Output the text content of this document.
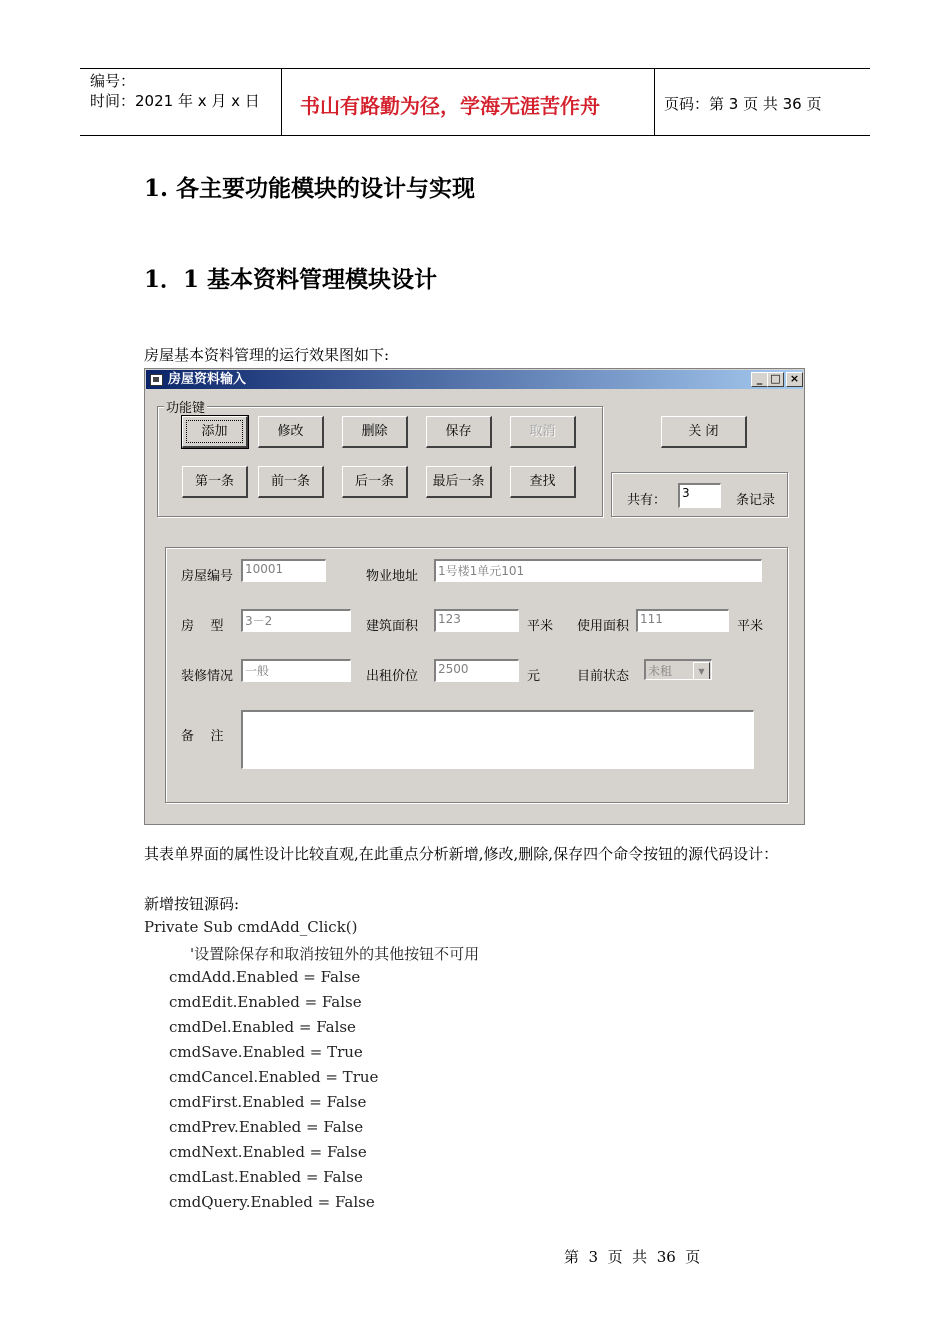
编号：
时间：2021 年 x 月 x 日 书山有路勤为径，学海无涯苦作舟	页码：第 3 页 共 36 页
1. 各主要功能模块的设计与实现
1．1 基本资料管理模块设计
房屋基本资料管理的运行效果图如下:
房屋资料输入	_ □ ×
功能键
添加	修改	删除	保存	取消
第一条	前一条	后一条	最后一条	查找
关 闭
共有：	3	条记录
房屋编号 10001	物业地址	1号楼1单元101
房    型	3－2	建筑面积	123	平米 使用面积 111	平米
装修情况 一般	出租价位	2500	元	目前状态	未租	▼
备    注
其表单界面的属性设计比较直观,在此重点分析新增,修改,删除,保存四个命令按钮的源代码设计：
新增按钮源码:
Private Sub cmdAdd_Click()
'设置除保存和取消按钮外的其他按钮不可用
cmdAdd.Enabled = False
cmdEdit.Enabled = False
cmdDel.Enabled = False
cmdSave.Enabled = True
cmdCancel.Enabled = True
cmdFirst.Enabled = False
cmdPrev.Enabled = False
cmdNext.Enabled = False
cmdLast.Enabled = False
cmdQuery.Enabled = False
第  3  页  共  36  页
